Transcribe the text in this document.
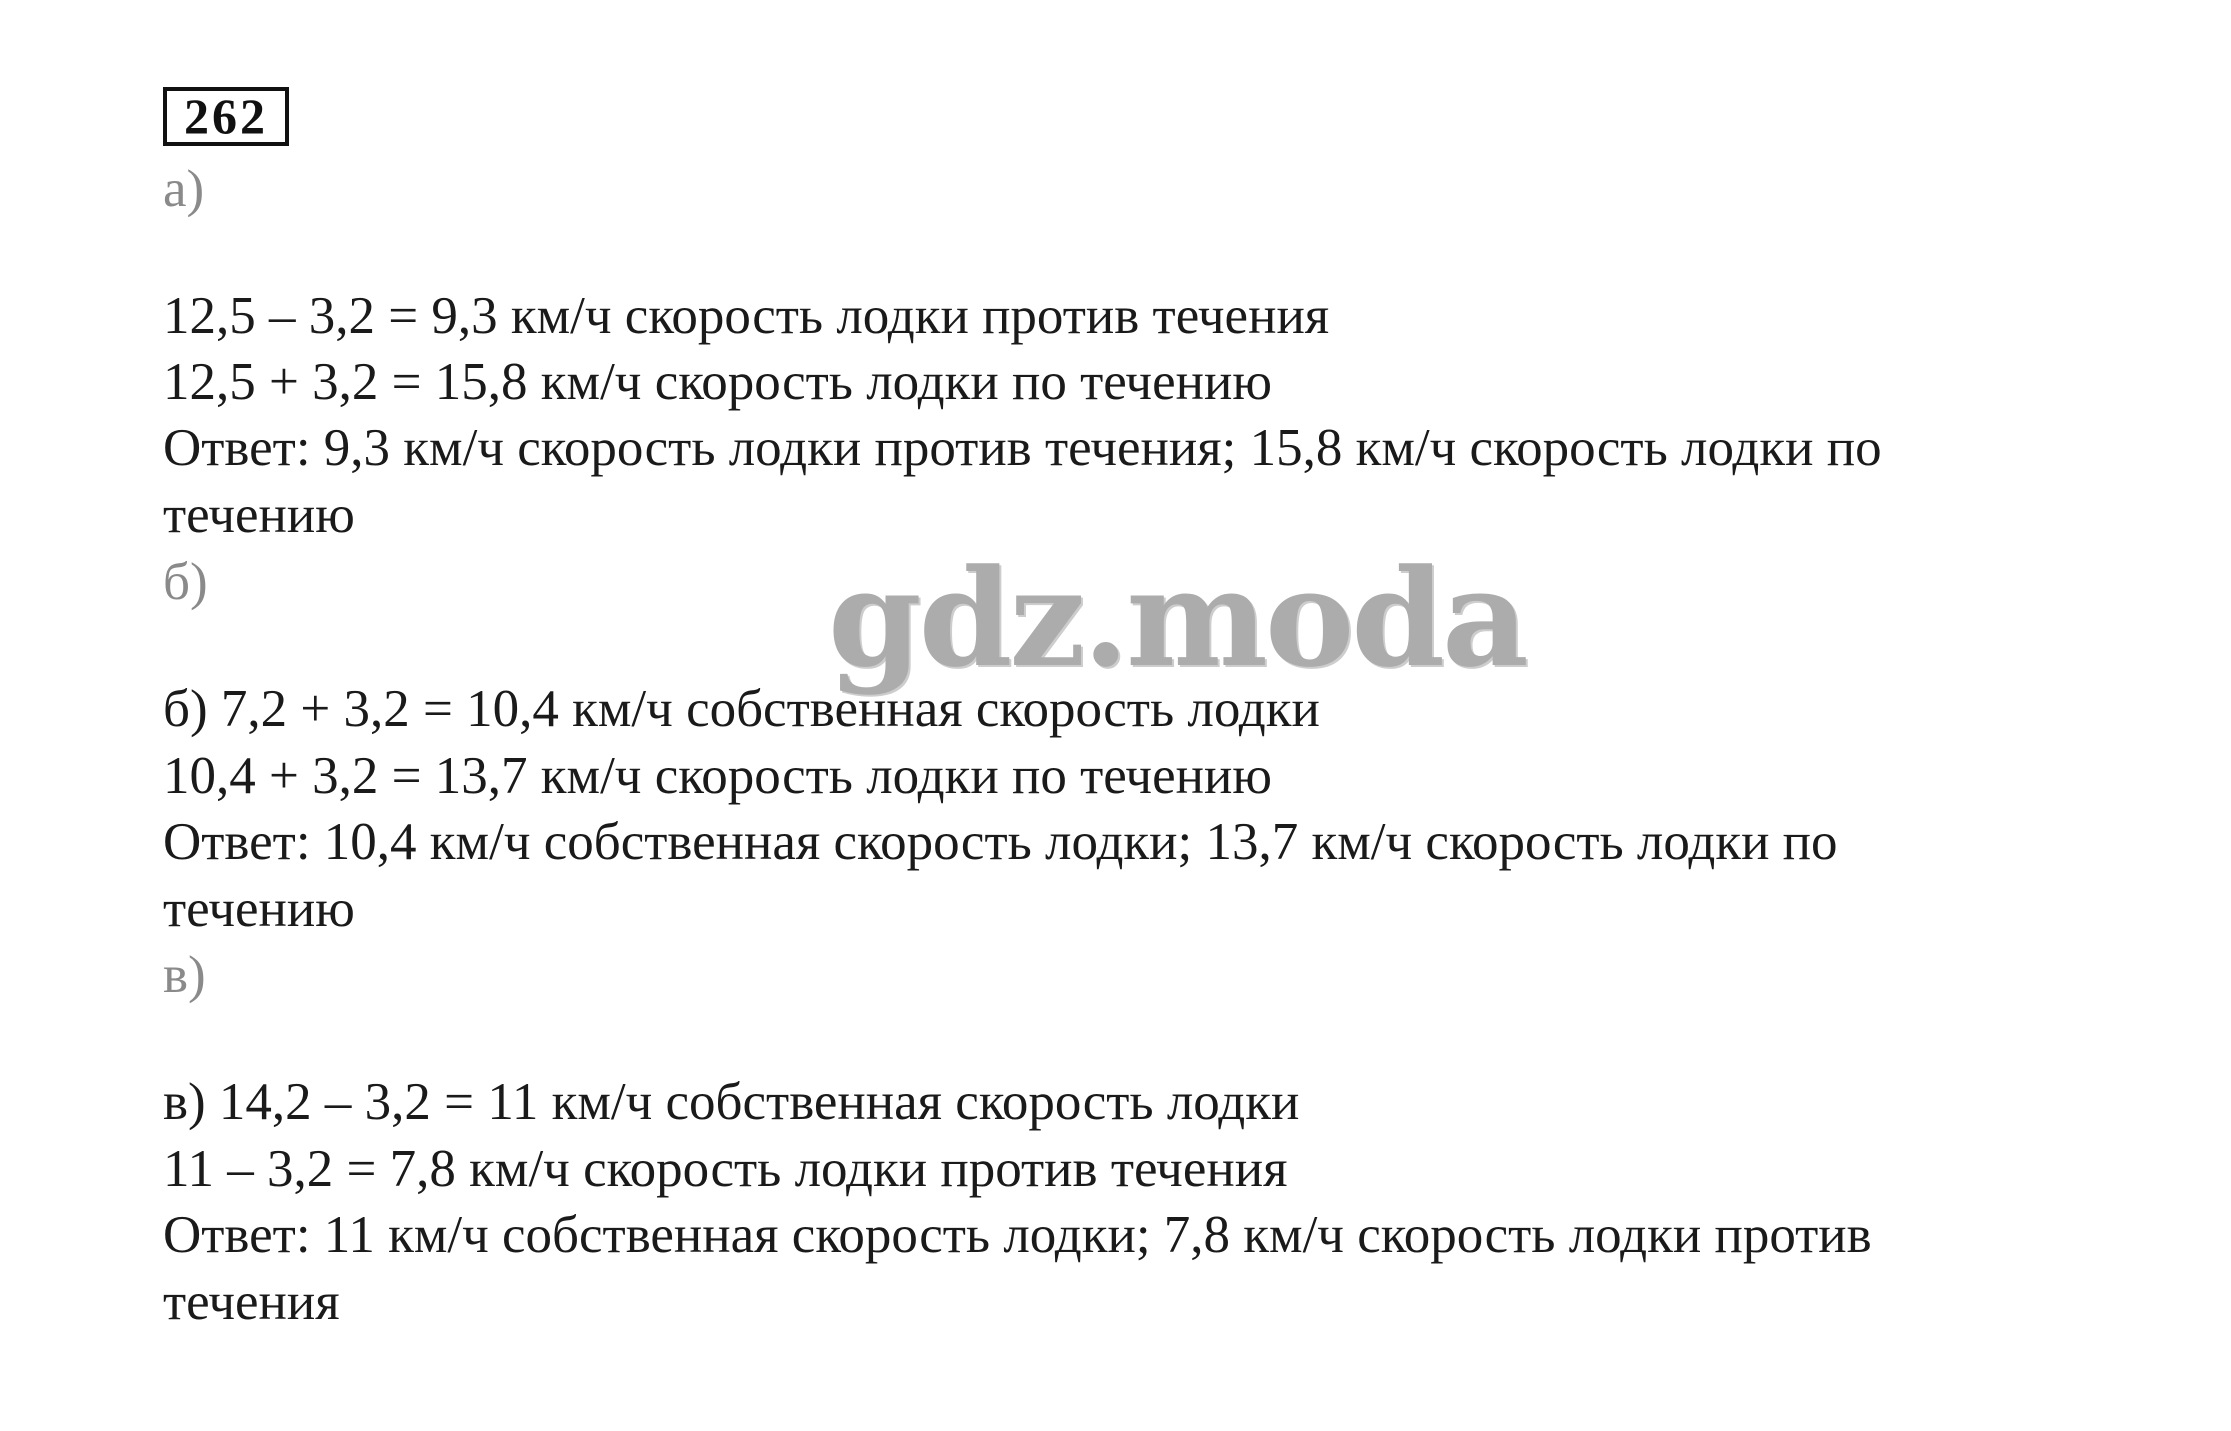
262
а)
12,5 – 3,2 = 9,3 км/ч скорость лодки против течения
12,5 + 3,2 = 15,8 км/ч скорость лодки по течению
Ответ: 9,3 км/ч скорость лодки против течения; 15,8 км/ч скорость лодки по
течению
б)
б) 7,2 + 3,2 = 10,4 км/ч собственная скорость лодки
10,4 + 3,2 = 13,7 км/ч скорость лодки по течению
Ответ: 10,4 км/ч собственная скорость лодки; 13,7 км/ч скорость лодки по
течению
в)
в) 14,2 – 3,2 = 11 км/ч собственная скорость лодки
11 – 3,2 = 7,8 км/ч скорость лодки против течения
Ответ: 11 км/ч собственная скорость лодки; 7,8 км/ч скорость лодки против
течения
gdz.moda
